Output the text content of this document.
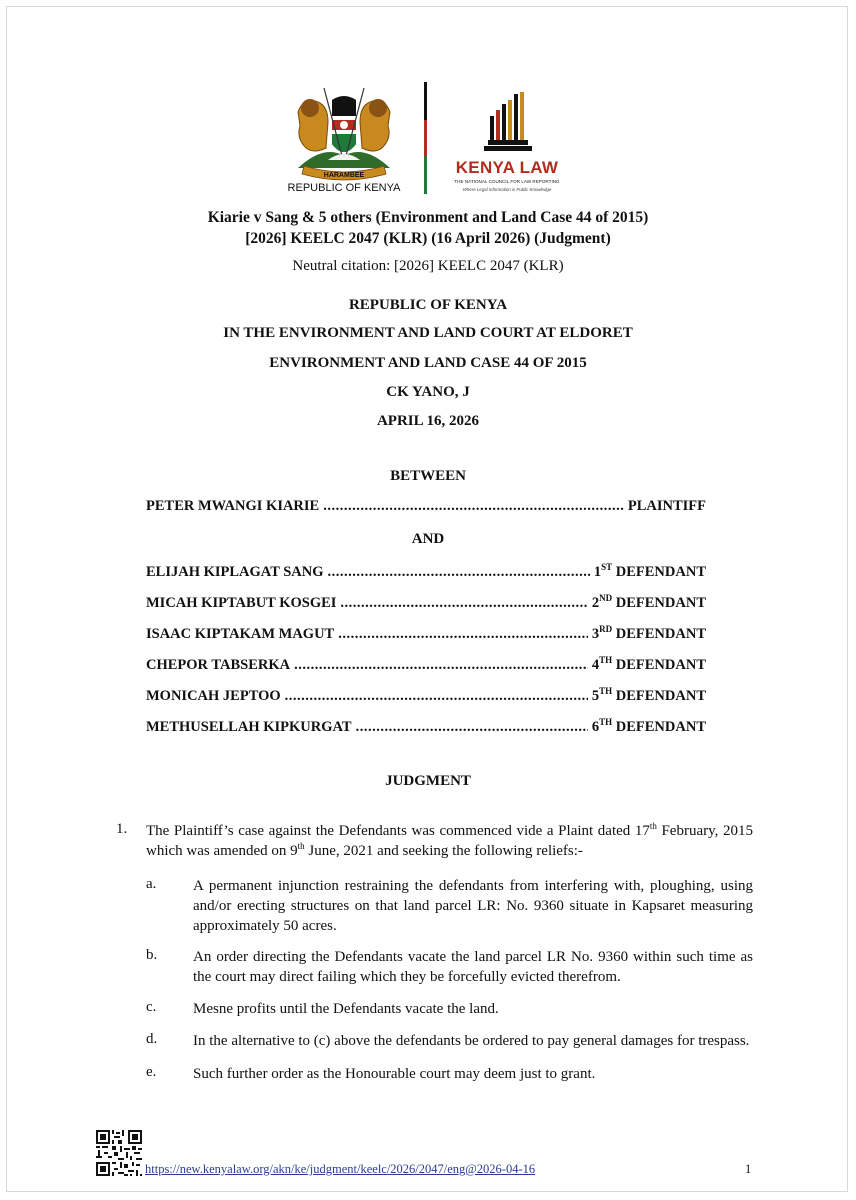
HARAMBEE
REPUBLIC OF KENYA
KENYA LAW
THE NATIONAL COUNCIL FOR LAW REPORTING
Where Legal Information is Public Knowledge
Kiarie v Sang & 5 others (Environment and Land Case 44 of 2015)
[2026] KEELC 2047 (KLR) (16 April 2026) (Judgment)
Neutral citation: [2026] KEELC 2047 (KLR)
REPUBLIC OF KENYA
IN THE ENVIRONMENT AND LAND COURT AT ELDORET
ENVIRONMENT AND LAND CASE 44 OF 2015
CK YANO, J
APRIL 16, 2026
BETWEEN
PETER MWANGI KIARIE .....	PLAINTIFF
AND
ELIJAH KIPLAGAT SANG .....	1ST DEFENDANT
MICAH KIPTABUT KOSGEI .....	2ND DEFENDANT
ISAAC KIPTAKAM MAGUT .....	3RD DEFENDANT
CHEPOR TABSERKA .....	4TH DEFENDANT
MONICAH JEPTOO .....	5TH DEFENDANT
METHUSELLAH KIPKURGAT .....	6TH DEFENDANT
JUDGMENT
1. The Plaintiff’s case against the Defendants was commenced vide a Plaint dated 17th February, 2015 which was amended on 9th June, 2021 and seeking the following reliefs:-
a. A permanent injunction restraining the defendants from interfering with, ploughing, using and/or erecting structures on that land parcel LR: No. 9360 situate in Kapsaret measuring approximately 50 acres.
b. An order directing the Defendants vacate the land parcel LR No. 9360 within such time as the court may direct failing which they be forcefully evicted therefrom.
c. Mesne profits until the Defendants vacate the land.
d. In the alternative to (c) above the defendants be ordered to pay general damages for trespass.
e. Such further order as the Honourable court may deem just to grant.
https://new.kenyalaw.org/akn/ke/judgment/keelc/2026/2047/eng@2026-04-16	1
